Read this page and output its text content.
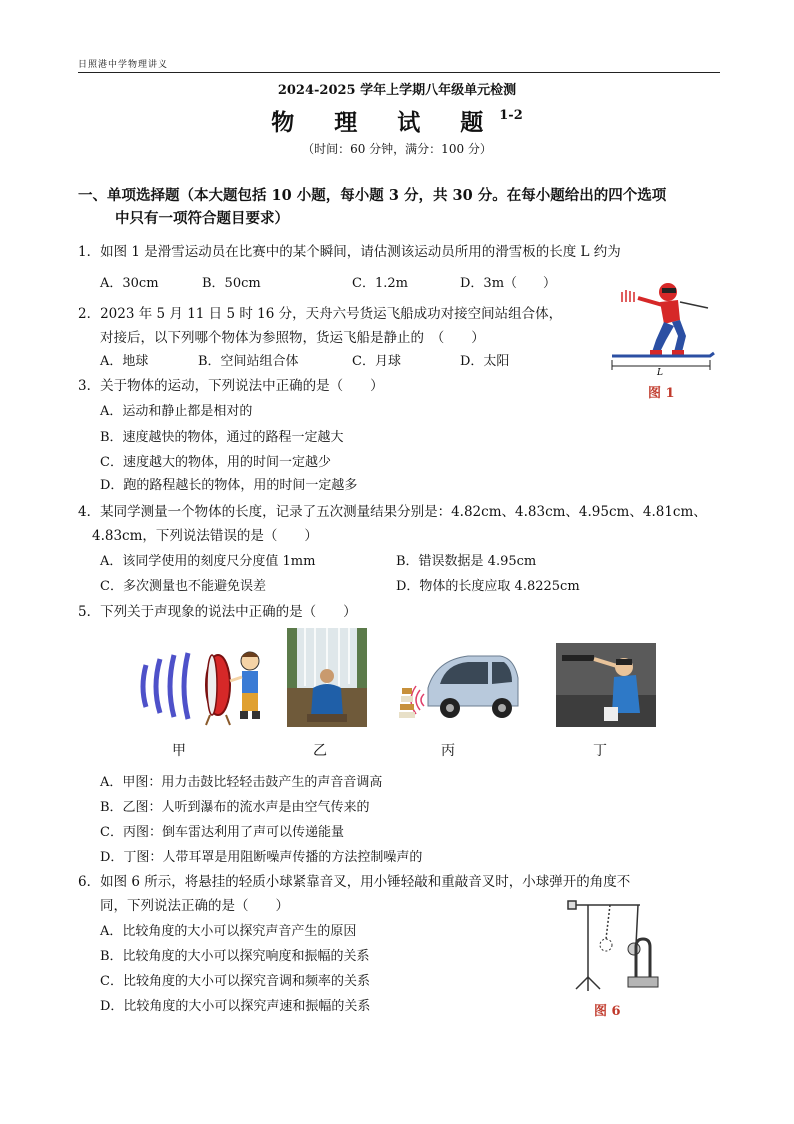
日照港中学物理讲义
2024-2025 学年上学期八年级单元检测
物 理 试 题$^{1-2}$
（时间：60 分钟，满分：100 分）
一、单项选择题（本大题包括 10 小题，每小题 3 分，共 30 分。在每小题给出的四个选项
中只有一项符合题目要求）
1．如图 1 是滑雪运动员在比赛中的某个瞬间，请估测该运动员所用的滑雪板的长度 L 约为
A．30cm	B．50cm	C．1.2m	D．3m（　　）
2．2023 年 5 月 11 日 5 时 16 分，天舟六号货运飞船成功对接空间站组合体，
对接后，以下列哪个物体为参照物，货运飞船是静止的　（　　）
A．地球	B．空间站组合体	C．月球	D．太阳
L
图 1
3．关于物体的运动，下列说法中正确的是（　　）
A．运动和静止都是相对的
B．速度越快的物体，通过的路程一定越大
C．速度越大的物体，用的时间一定越少
D．跑的路程越长的物体，用的时间一定越多
4．某同学测量一个物体的长度，记录了五次测量结果分别是：4.82cm、4.83cm、4.95cm、4.81cm、
4.83cm，下列说法错误的是（　　）
A．该同学使用的刻度尺分度值 1mm	B．错误数据是 4.95cm
C．多次测量也不能避免误差	D．物体的长度应取 4.8225cm
5．下列关于声现象的说法中正确的是（　　）
甲	乙	丙	丁
A．甲图：用力击鼓比轻轻击鼓产生的声音音调高
B．乙图：人听到瀑布的流水声是由空气传来的
C．丙图：倒车雷达利用了声可以传递能量
D．丁图：人带耳罩是用阻断噪声传播的方法控制噪声的
6．如图 6 所示，将悬挂的轻质小球紧靠音叉，用小锤轻敲和重敲音叉时，小球弹开的角度不
同，下列说法正确的是（　　）
A．比较角度的大小可以探究声音产生的原因
B．比较角度的大小可以探究响度和振幅的关系
C．比较角度的大小可以探究音调和频率的关系
D．比较角度的大小可以探究声速和振幅的关系	图 6
